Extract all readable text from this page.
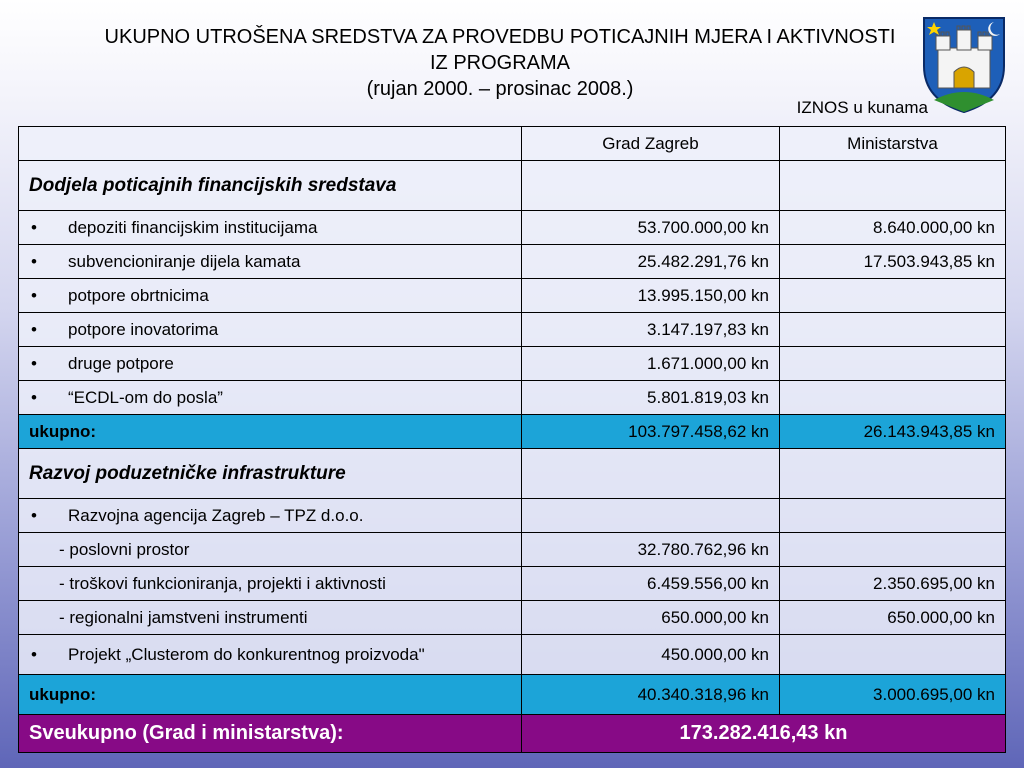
UKUPNO UTROŠENA SREDSTVA ZA PROVEDBU POTICAJNIH MJERA I AKTIVNOSTI
IZ PROGRAMA
(rujan 2000. – prosinac 2008.)
IZNOS u kunama
	Grad Zagreb	Ministarstva
Dodjela poticajnih financijskih sredstava		
• depoziti financijskim institucijama	53.700.000,00 kn	8.640.000,00 kn
• subvencioniranje dijela kamata	25.482.291,76 kn	17.503.943,85 kn
• potpore obrtnicima	13.995.150,00 kn	
• potpore inovatorima	3.147.197,83 kn	
• druge potpore	1.671.000,00 kn	
• “ECDL-om do posla”	5.801.819,03 kn	
ukupno:	103.797.458,62 kn	26.143.943,85 kn
Razvoj poduzetničke infrastrukture		
• Razvojna agencija Zagreb – TPZ d.o.o.		
- poslovni prostor	32.780.762,96 kn	
- troškovi funkcioniranja, projekti i aktivnosti	6.459.556,00 kn	2.350.695,00 kn
- regionalni jamstveni instrumenti	650.000,00 kn	650.000,00 kn
• Projekt „Clusterom do konkurentnog proizvoda"	450.000,00 kn	
ukupno:	40.340.318,96 kn	3.000.695,00 kn
Sveukupno (Grad i ministarstva):	173.282.416,43 kn	
